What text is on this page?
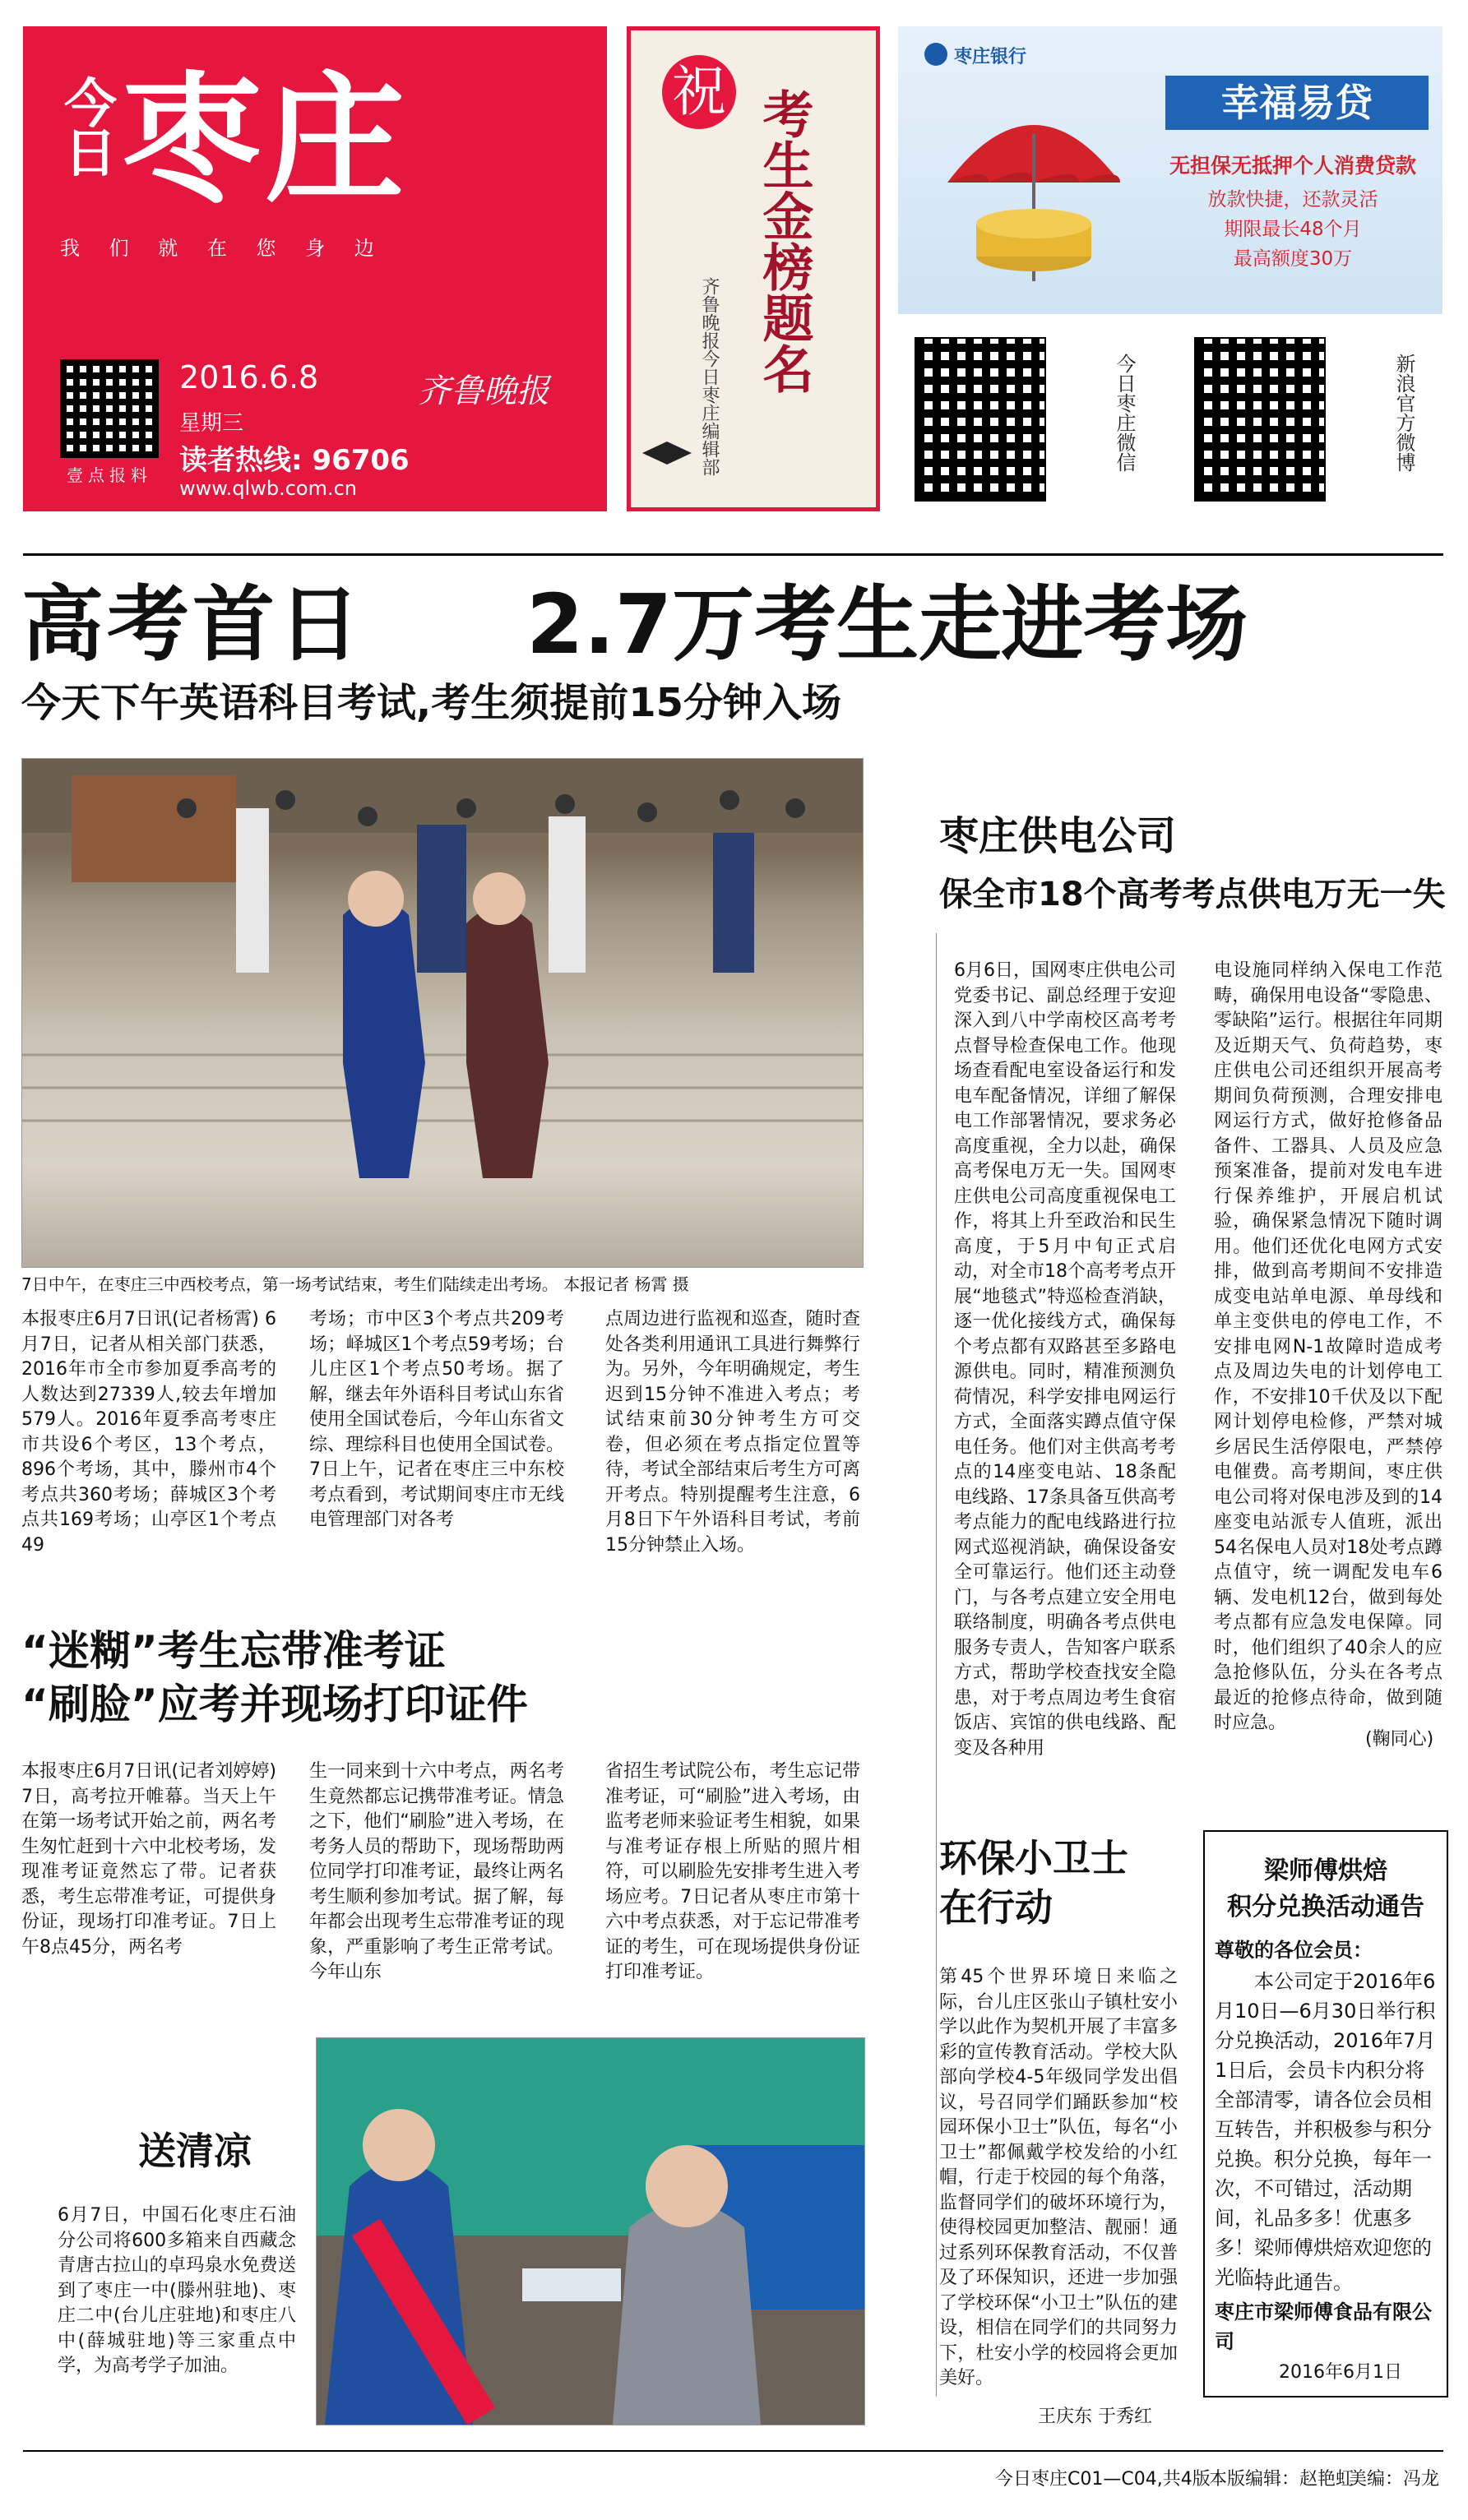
今日 枣庄
我 们 就 在 您 身 边
壹点报料
2016.6.8
星期三
齐鲁晚报
读者热线: 96706
www.qlwb.com.cn
祝 考生金榜题名
齐鲁晚报今日枣庄编辑部
枣庄银行
幸福易贷
无担保无抵押个人消费贷款
放款快捷，还款灵活
期限最长48个月
最高额度30万
今日枣庄微信	新浪官方微博
高考首日 2.7万考生走进考场
今天下午英语科目考试,考生须提前15分钟入场
7日中午，在枣庄三中西校考点，第一场考试结束，考生们陆续走出考场。 本报记者 杨霄 摄
本报枣庄6月7日讯(记者杨霄) 6月7日，记者从相关部门获悉，2016年市全市参加夏季高考的人数达到27339人,较去年增加579人。2016年夏季高考枣庄市共设6个考区，13个考点，896个考场，其中，滕州市4个考点共360考场；薛城区3个考点共169考场；山亭区1个考点49
考场；市中区3个考点共209考场；峄城区1个考点59考场；台儿庄区1个考点50考场。据了解，继去年外语科目考试山东省使用全国试卷后，今年山东省文综、理综科目也使用全国试卷。7日上午，记者在枣庄三中东校考点看到，考试期间枣庄市无线电管理部门对各考
点周边进行监视和巡查，随时查处各类利用通讯工具进行舞弊行为。另外，今年明确规定，考生迟到15分钟不准进入考点；考试结束前30分钟考生方可交卷，但必须在考点指定位置等待，考试全部结束后考生方可离开考点。特别提醒考生注意，6月8日下午外语科目考试，考前15分钟禁止入场。
“迷糊”考生忘带准考证
“刷脸”应考并现场打印证件
本报枣庄6月7日讯(记者刘婷婷) 7日，高考拉开帷幕。当天上午在第一场考试开始之前，两名考生匆忙赶到十六中北校考场，发现准考证竟然忘了带。记者获悉，考生忘带准考证，可提供身份证，现场打印准考证。7日上午8点45分，两名考
生一同来到十六中考点，两名考生竟然都忘记携带准考证。情急之下，他们“刷脸”进入考场，在考务人员的帮助下，现场帮助两位同学打印准考证，最终让两名考生顺利参加考试。据了解，每年都会出现考生忘带准考证的现象，严重影响了考生正常考试。今年山东
省招生考试院公布，考生忘记带准考证，可“刷脸”进入考场，由监考老师来验证考生相貌，如果与准考证存根上所贴的照片相符，可以刷脸先安排考生进入考场应考。7日记者从枣庄市第十六中考点获悉，对于忘记带准考证的考生，可在现场提供身份证打印准考证。
送清凉
6月7日，中国石化枣庄石油分公司将600多箱来自西藏念青唐古拉山的卓玛泉水免费送到了枣庄一中(滕州驻地)、枣庄二中(台儿庄驻地)和枣庄八中(薛城驻地)等三家重点中学，为高考学子加油。
枣庄供电公司
保全市18个高考考点供电万无一失
6月6日，国网枣庄供电公司党委书记、副总经理于安迎深入到八中学南校区高考考点督导检查保电工作。他现场查看配电室设备运行和发电车配备情况，详细了解保电工作部署情况，要求务必高度重视，全力以赴，确保高考保电万无一失。国网枣庄供电公司高度重视保电工作，将其上升至政治和民生高度，于5月中旬正式启动，对全市18个高考考点开展“地毯式”特巡检查消缺，逐一优化接线方式，确保每个考点都有双路甚至多路电源供电。同时，精准预测负荷情况，科学安排电网运行方式，全面落实蹲点值守保电任务。他们对主供高考考点的14座变电站、18条配电线路、17条具备互供高考考点能力的配电线路进行拉网式巡视消缺，确保设备安全可靠运行。他们还主动登门，与各考点建立安全用电联络制度，明确各考点供电服务专责人，告知客户联系方式，帮助学校查找安全隐患，对于考点周边考生食宿饭店、宾馆的供电线路、配变及各种用
电设施同样纳入保电工作范畴，确保用电设备“零隐患、零缺陷”运行。根据往年同期及近期天气、负荷趋势，枣庄供电公司还组织开展高考期间负荷预测，合理安排电网运行方式，做好抢修备品备件、工器具、人员及应急预案准备，提前对发电车进行保养维护，开展启机试验，确保紧急情况下随时调用。他们还优化电网方式安排，做到高考期间不安排造成变电站单电源、单母线和单主变供电的停电工作，不安排电网N-1故障时造成考点及周边失电的计划停电工作，不安排10千伏及以下配网计划停电检修，严禁对城乡居民生活停限电，严禁停电催费。高考期间，枣庄供电公司将对保电涉及到的14座变电站派专人值班，派出54名保电人员对18处考点蹲点值守，统一调配发电车6辆、发电机12台，做到每处考点都有应急发电保障。同时，他们组织了40余人的应急抢修队伍，分头在各考点最近的抢修点待命，做到随时应急。
(鞠同心)
环保小卫士
在行动
第45个世界环境日来临之际，台儿庄区张山子镇杜安小学以此作为契机开展了丰富多彩的宣传教育活动。学校大队部向学校4-5年级同学发出倡议，号召同学们踊跃参加“校园环保小卫士”队伍，每名“小卫士”都佩戴学校发给的小红帽，行走于校园的每个角落，监督同学们的破坏环境行为，使得校园更加整洁、靓丽！通过系列环保教育活动，不仅普及了环保知识，还进一步加强了学校环保“小卫士”队伍的建设，相信在同学们的共同努力下，杜安小学的校园将会更加美好。
王庆东 于秀红
梁师傅烘焙
积分兑换活动通告
尊敬的各位会员：
本公司定于2016年6月10日—6月30日举行积分兑换活动，2016年7月1日后，会员卡内积分将全部清零，请各位会员相互转告，并积极参与积分兑换。积分兑换，每年一次，不可错过，活动期间，礼品多多！优惠多多！梁师傅烘焙欢迎您的光临！
特此通告。
枣庄市梁师傅食品有限公司
2016年6月1日
今日枣庄C01—C04,共4版
本版编辑：赵艳虹
美编：冯龙
